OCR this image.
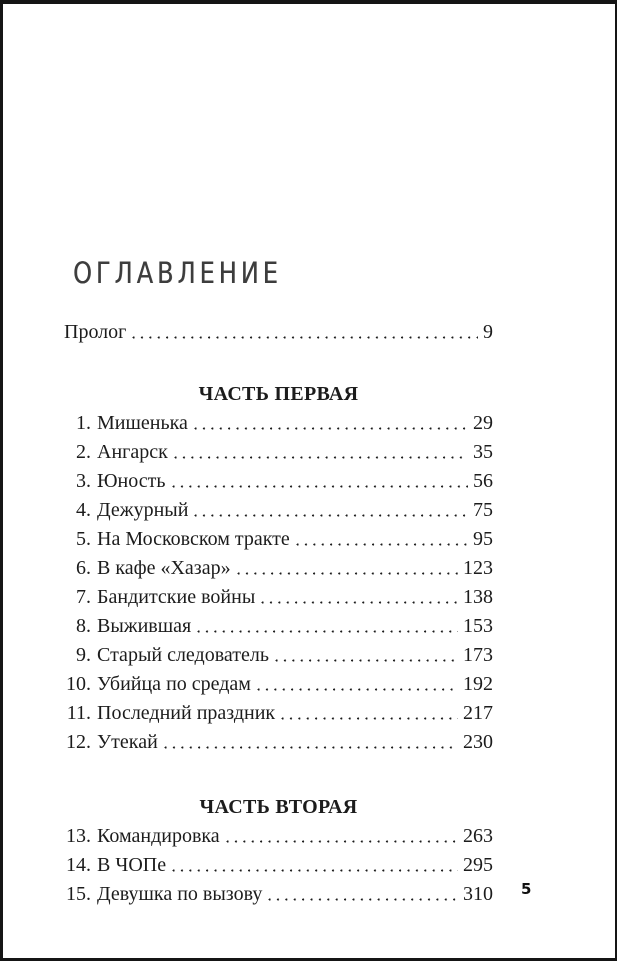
ОГЛАВЛЕНИЕ
Пролог	9
ЧАСТЬ ПЕРВАЯ
1. Мишенька	29
2. Ангарск	35
3. Юность	56
4. Дежурный	75
5. На Московском тракте	95
6. В кафе «Хазар»	123
7. Бандитские войны	138
8. Выжившая	153
9. Старый следователь	173
10. Убийца по средам	192
11. Последний праздник	217
12. Утекай	230
ЧАСТЬ ВТОРАЯ
13. Командировка	263
14. В ЧОПе	295
15. Девушка по вызову	310 5
